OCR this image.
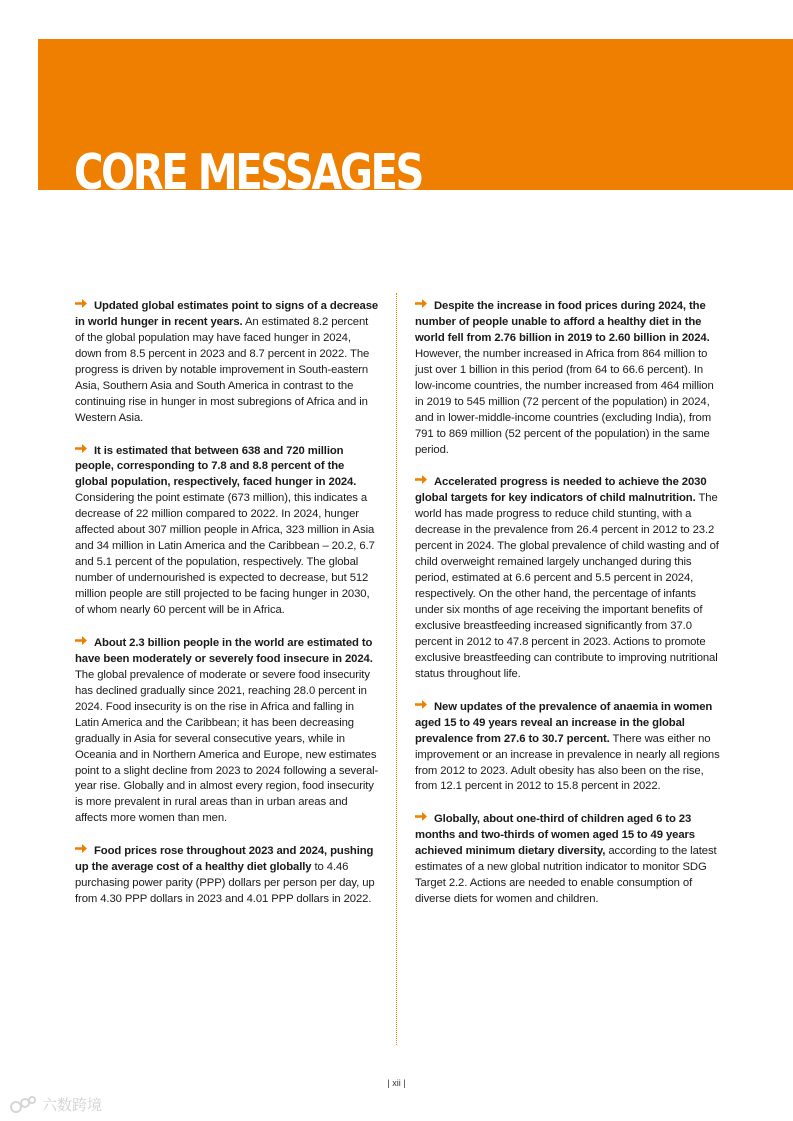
CORE MESSAGES

Updated global estimates point to signs of a decrease in world hunger in recent years. An estimated 8.2 percent of the global population may have faced hunger in 2024, down from 8.5 percent in 2023 and 8.7 percent in 2022. The progress is driven by notable improvement in South-eastern Asia, Southern Asia and South America in contrast to the continuing rise in hunger in most subregions of Africa and in Western Asia.

It is estimated that between 638 and 720 million people, corresponding to 7.8 and 8.8 percent of the global population, respectively, faced hunger in 2024. Considering the point estimate (673 million), this indicates a decrease of 22 million compared to 2022. In 2024, hunger affected about 307 million people in Africa, 323 million in Asia and 34 million in Latin America and the Caribbean – 20.2, 6.7 and 5.1 percent of the population, respectively. The global number of undernourished is expected to decrease, but 512 million people are still projected to be facing hunger in 2030, of whom nearly 60 percent will be in Africa.

About 2.3 billion people in the world are estimated to have been moderately or severely food insecure in 2024. The global prevalence of moderate or severe food insecurity has declined gradually since 2021, reaching 28.0 percent in 2024. Food insecurity is on the rise in Africa and falling in Latin America and the Caribbean; it has been decreasing gradually in Asia for several consecutive years, while in Oceania and in Northern America and Europe, new estimates point to a slight decline from 2023 to 2024 following a several-year rise. Globally and in almost every region, food insecurity is more prevalent in rural areas than in urban areas and affects more women than men.

Food prices rose throughout 2023 and 2024, pushing up the average cost of a healthy diet globally to 4.46 purchasing power parity (PPP) dollars per person per day, up from 4.30 PPP dollars in 2023 and 4.01 PPP dollars in 2022.

Despite the increase in food prices during 2024, the number of people unable to afford a healthy diet in the world fell from 2.76 billion in 2019 to 2.60 billion in 2024. However, the number increased in Africa from 864 million to just over 1 billion in this period (from 64 to 66.6 percent). In low-income countries, the number increased from 464 million in 2019 to 545 million (72 percent of the population) in 2024, and in lower-middle-income countries (excluding India), from 791 to 869 million (52 percent of the population) in the same period.

Accelerated progress is needed to achieve the 2030 global targets for key indicators of child malnutrition. The world has made progress to reduce child stunting, with a decrease in the prevalence from 26.4 percent in 2012 to 23.2 percent in 2024. The global prevalence of child wasting and of child overweight remained largely unchanged during this period, estimated at 6.6 percent and 5.5 percent in 2024, respectively. On the other hand, the percentage of infants under six months of age receiving the important benefits of exclusive breastfeeding increased significantly from 37.0 percent in 2012 to 47.8 percent in 2023. Actions to promote exclusive breastfeeding can contribute to improving nutritional status throughout life.

New updates of the prevalence of anaemia in women aged 15 to 49 years reveal an increase in the global prevalence from 27.6 to 30.7 percent. There was either no improvement or an increase in prevalence in nearly all regions from 2012 to 2023. Adult obesity has also been on the rise, from 12.1 percent in 2012 to 15.8 percent in 2022.

Globally, about one-third of children aged 6 to 23 months and two-thirds of women aged 15 to 49 years achieved minimum dietary diversity, according to the latest estimates of a new global nutrition indicator to monitor SDG Target 2.2. Actions are needed to enable consumption of diverse diets for women and children.

| xii |
六数跨境
